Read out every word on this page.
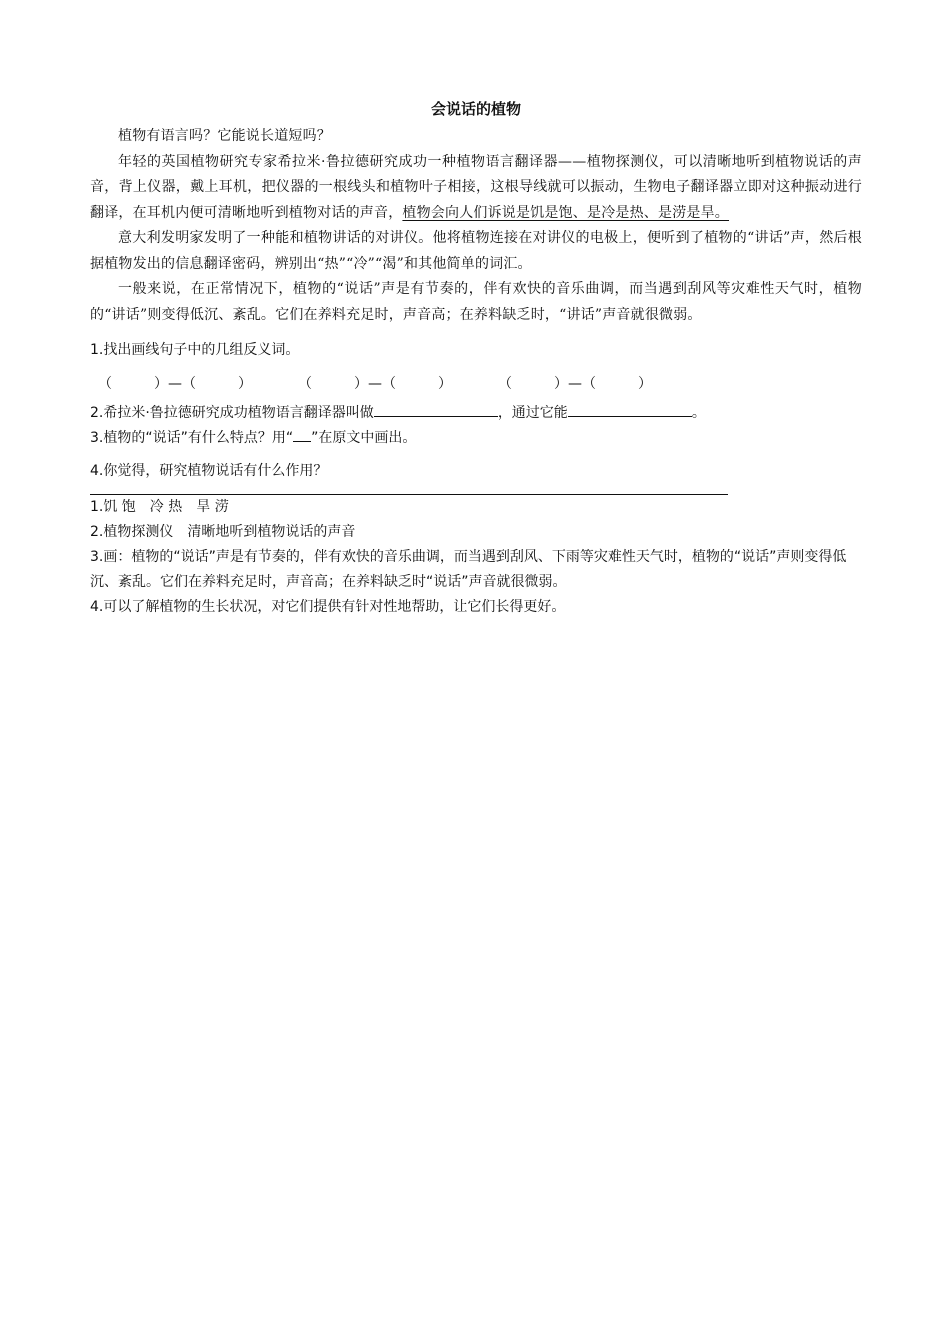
会说话的植物

植物有语言吗？它能说长道短吗？

年轻的英国植物研究专家希拉米·鲁拉德研究成功一种植物语言翻译器——植物探测仪，可以清晰地听到植物说话的声音，背上仪器，戴上耳机，把仪器的一根线头和植物叶子相接，这根导线就可以振动，生物电子翻译器立即对这种振动进行翻译，在耳机内便可清晰地听到植物对话的声音，植物会向人们诉说是饥是饱、是冷是热、是涝是旱。

意大利发明家发明了一种能和植物讲话的对讲仪。他将植物连接在对讲仪的电极上，便听到了植物的“讲话”声，然后根据植物发出的信息翻译密码，辨别出“热”“冷”“渴”和其他简单的词汇。

一般来说，在正常情况下，植物的“说话”声是有节奏的，伴有欢快的音乐曲调，而当遇到刮风等灾难性天气时，植物的“讲话”则变得低沉、紊乱。它们在养料充足时，声音高；在养料缺乏时，“讲话”声音就很微弱。

1.找出画线句子中的几组反义词。

（　　　）—（　　　）	（　　　）—（　　　）	（　　　）—（　　　）

2.希拉米·鲁拉德研究成功植物语言翻译器叫做	，通过它能	。

3.植物的“说话”有什么特点？用“ ”在原文中画出。

4.你觉得，研究植物说话有什么作用？

1.饥 饱　冷 热　旱 涝

2.植物探测仪　清晰地听到植物说话的声音

3.画：植物的“说话”声是有节奏的，伴有欢快的音乐曲调，而当遇到刮风、下雨等灾难性天气时，植物的“说话”声则变得低沉、紊乱。它们在养料充足时，声音高；在养料缺乏时“说话”声音就很微弱。

4.可以了解植物的生长状况，对它们提供有针对性地帮助，让它们长得更好。
